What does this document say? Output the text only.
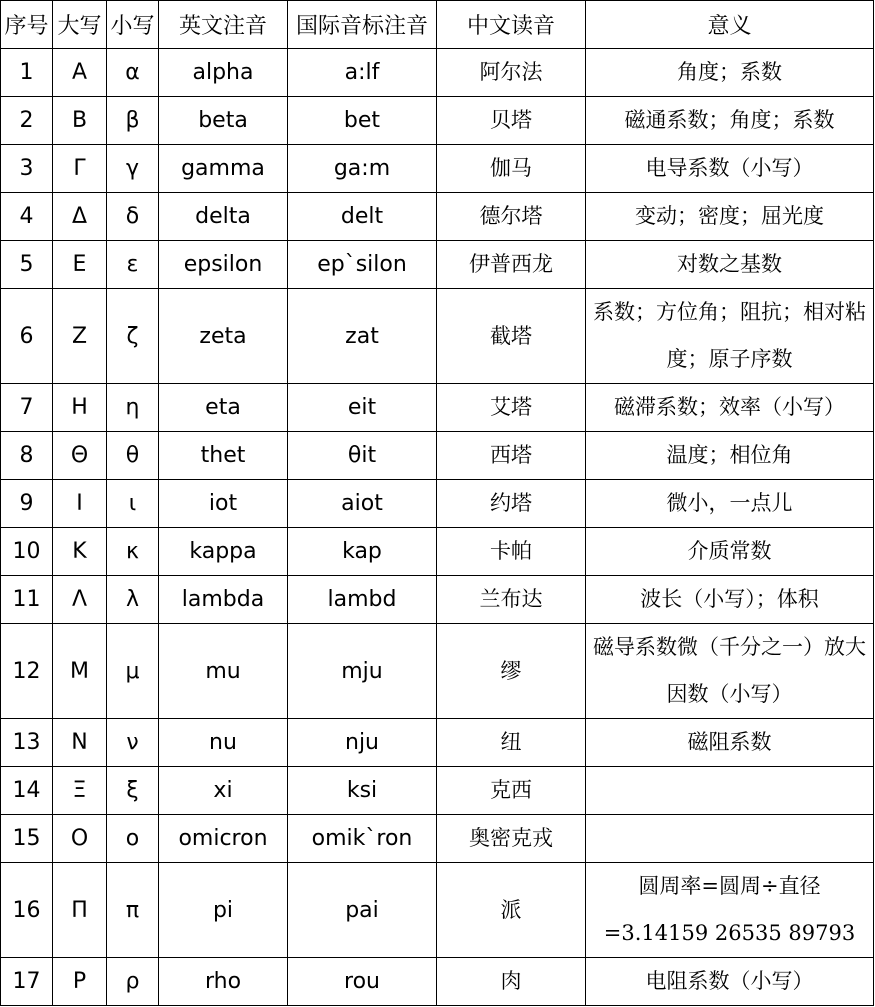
序号	大写	小写	英文注音	国际音标注音	中文读音	意义
1	Α	α	alpha	a:lf	阿尔法	角度；系数
2	Β	β	beta	bet	贝塔	磁通系数；角度；系数
3	Γ	γ	gamma	ga:m	伽马	电导系数（小写）
4	Δ	δ	delta	delt	德尔塔	变动；密度；屈光度
5	Ε	ε	epsilon	ep`silon	伊普西龙	对数之基数
6	Ζ	ζ	zeta	zat	截塔	系数；方位角；阻抗；相对粘度；原子序数
7	Η	η	eta	eit	艾塔	磁滞系数；效率（小写）
8	Θ	θ	thet	θit	西塔	温度；相位角
9	Ι	ι	iot	aiot	约塔	微小，一点儿
10	Κ	κ	kappa	kap	卡帕	介质常数
11	Λ	λ	lambda	lambd	兰布达	波长（小写）；体积
12	Μ	μ	mu	mju	缪	磁导系数微（千分之一）放大因数（小写）
13	Ν	ν	nu	nju	纽	磁阻系数
14	Ξ	ξ	xi	ksi	克西	
15	Ο	ο	omicron	omik`ron	奥密克戎	
16	Π	π	pi	pai	派	圆周率=圆周÷直径=3.14159 26535 89793
17	Ρ	ρ	rho	rou	肉	电阻系数（小写）
